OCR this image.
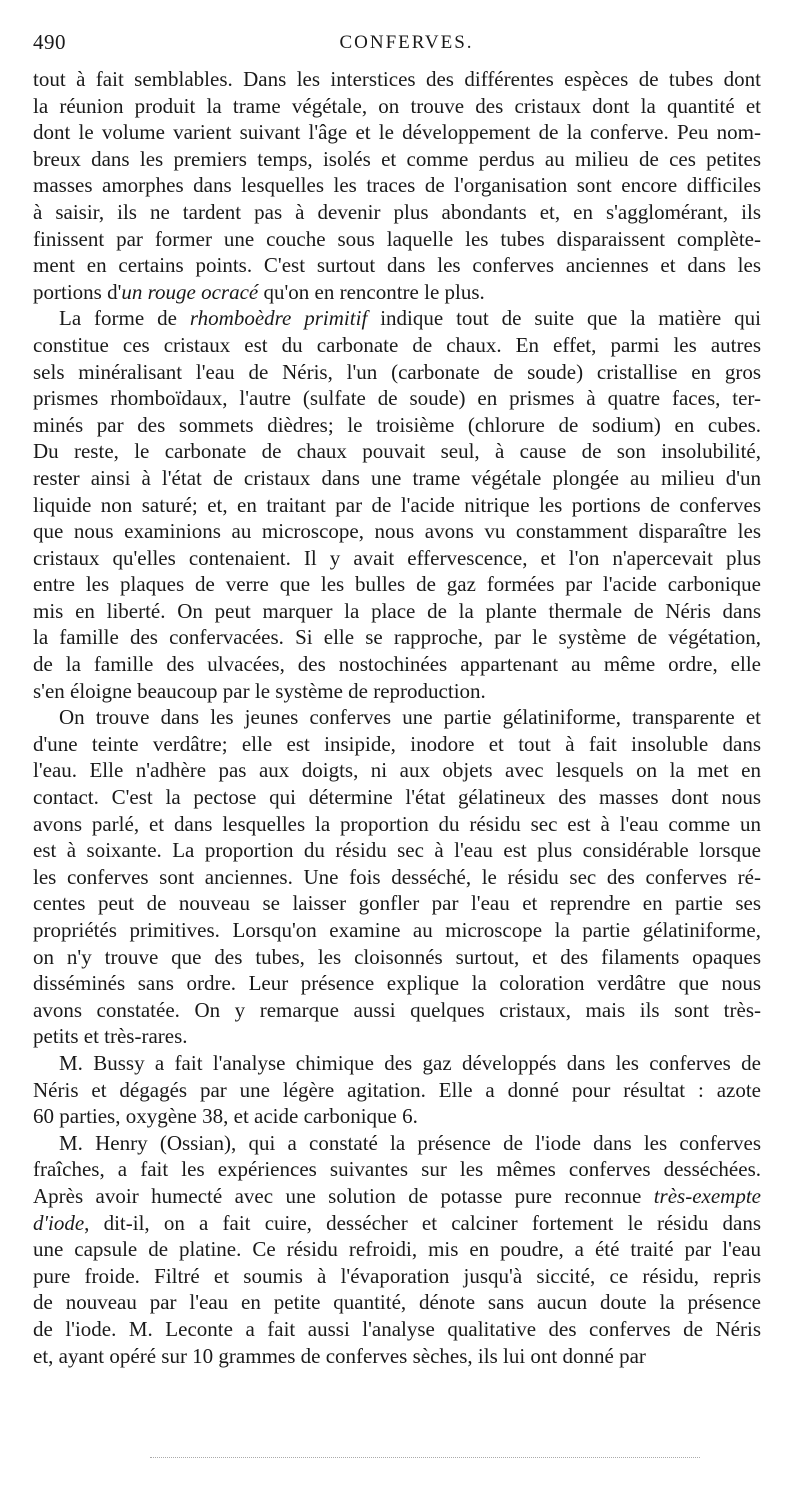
490	CONFERVES.
tout à fait semblables. Dans les interstices des différentes espèces de tubes dont
la réunion produit la trame végétale, on trouve des cristaux dont la quantité et
dont le volume varient suivant l'âge et le développement de la conferve. Peu nom-
breux dans les premiers temps, isolés et comme perdus au milieu de ces petites
masses amorphes dans lesquelles les traces de l'organisation sont encore difficiles
à saisir, ils ne tardent pas à devenir plus abondants et, en s'agglomérant, ils
finissent par former une couche sous laquelle les tubes disparaissent complète-
ment en certains points. C'est surtout dans les conferves anciennes et dans les
portions d'un rouge ocracé qu'on en rencontre le plus.
La forme de rhomboèdre primitif indique tout de suite que la matière qui
constitue ces cristaux est du carbonate de chaux. En effet, parmi les autres
sels minéralisant l'eau de Néris, l'un (carbonate de soude) cristallise en gros
prismes rhomboïdaux, l'autre (sulfate de soude) en prismes à quatre faces, ter-
minés par des sommets dièdres; le troisième (chlorure de sodium) en cubes.
Du reste, le carbonate de chaux pouvait seul, à cause de son insolubilité,
rester ainsi à l'état de cristaux dans une trame végétale plongée au milieu d'un
liquide non saturé; et, en traitant par de l'acide nitrique les portions de conferves
que nous examinions au microscope, nous avons vu constamment disparaître les
cristaux qu'elles contenaient. Il y avait effervescence, et l'on n'apercevait plus
entre les plaques de verre que les bulles de gaz formées par l'acide carbonique
mis en liberté. On peut marquer la place de la plante thermale de Néris dans
la famille des confervacées. Si elle se rapproche, par le système de végétation,
de la famille des ulvacées, des nostochinées appartenant au même ordre, elle
s'en éloigne beaucoup par le système de reproduction.
On trouve dans les jeunes conferves une partie gélatiniforme, transparente et
d'une teinte verdâtre; elle est insipide, inodore et tout à fait insoluble dans
l'eau. Elle n'adhère pas aux doigts, ni aux objets avec lesquels on la met en
contact. C'est la pectose qui détermine l'état gélatineux des masses dont nous
avons parlé, et dans lesquelles la proportion du résidu sec est à l'eau comme un
est à soixante. La proportion du résidu sec à l'eau est plus considérable lorsque
les conferves sont anciennes. Une fois desséché, le résidu sec des conferves ré-
centes peut de nouveau se laisser gonfler par l'eau et reprendre en partie ses
propriétés primitives. Lorsqu'on examine au microscope la partie gélatiniforme,
on n'y trouve que des tubes, les cloisonnés surtout, et des filaments opaques
disséminés sans ordre. Leur présence explique la coloration verdâtre que nous
avons constatée. On y remarque aussi quelques cristaux, mais ils sont très-
petits et très-rares.
M. Bussy a fait l'analyse chimique des gaz développés dans les conferves de
Néris et dégagés par une légère agitation. Elle a donné pour résultat : azote
60 parties, oxygène 38, et acide carbonique 6.
M. Henry (Ossian), qui a constaté la présence de l'iode dans les conferves
fraîches, a fait les expériences suivantes sur les mêmes conferves desséchées.
Après avoir humecté avec une solution de potasse pure reconnue très-exempte
d'iode, dit-il, on a fait cuire, dessécher et calciner fortement le résidu dans
une capsule de platine. Ce résidu refroidi, mis en poudre, a été traité par l'eau
pure froide. Filtré et soumis à l'évaporation jusqu'à siccité, ce résidu, repris
de nouveau par l'eau en petite quantité, dénote sans aucun doute la présence
de l'iode. M. Leconte a fait aussi l'analyse qualitative des conferves de Néris
et, ayant opéré sur 10 grammes de conferves sèches, ils lui ont donné par
